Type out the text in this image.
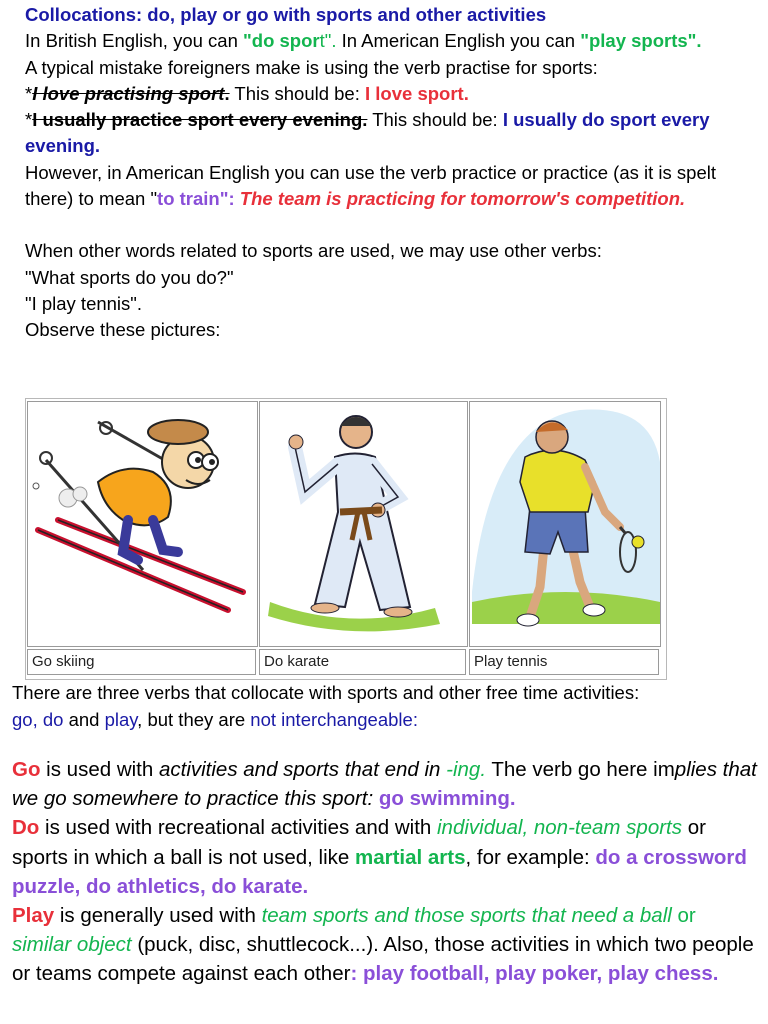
Collocations: do, play or go with sports and other activities

In British English, you can "do sport". In American English you can "play sports".

A typical mistake foreigners make is using the verb practise for sports:

*I love practising sport. This should be: I love sport.

*I usually practice sport every evening. This should be: I usually do sport every evening.

However, in American English you can use the verb practice or practice (as it is spelt there) to mean "to train": The team is practicing for tomorrow's competition.

When other words related to sports are used, we may use other verbs:

"What sports do you do?"

"I play tennis".

Observe these pictures:

Go skiing	Do karate	Play tennis

There are three verbs that collocate with sports and other free time activities:

go, do and play, but they are not interchangeable:

Go is used with activities and sports that end in -ing. The verb go here implies that we go somewhere to practice this sport: go swimming.

Do is used with recreational activities and with individual, non-team sports or sports in which a ball is not used, like martial arts, for example: do a crossword puzzle, do athletics, do karate.

Play is generally used with team sports and those sports that need a ball or similar object (puck, disc, shuttlecock...). Also, those activities in which two people or teams compete against each other: play football, play poker, play chess.
